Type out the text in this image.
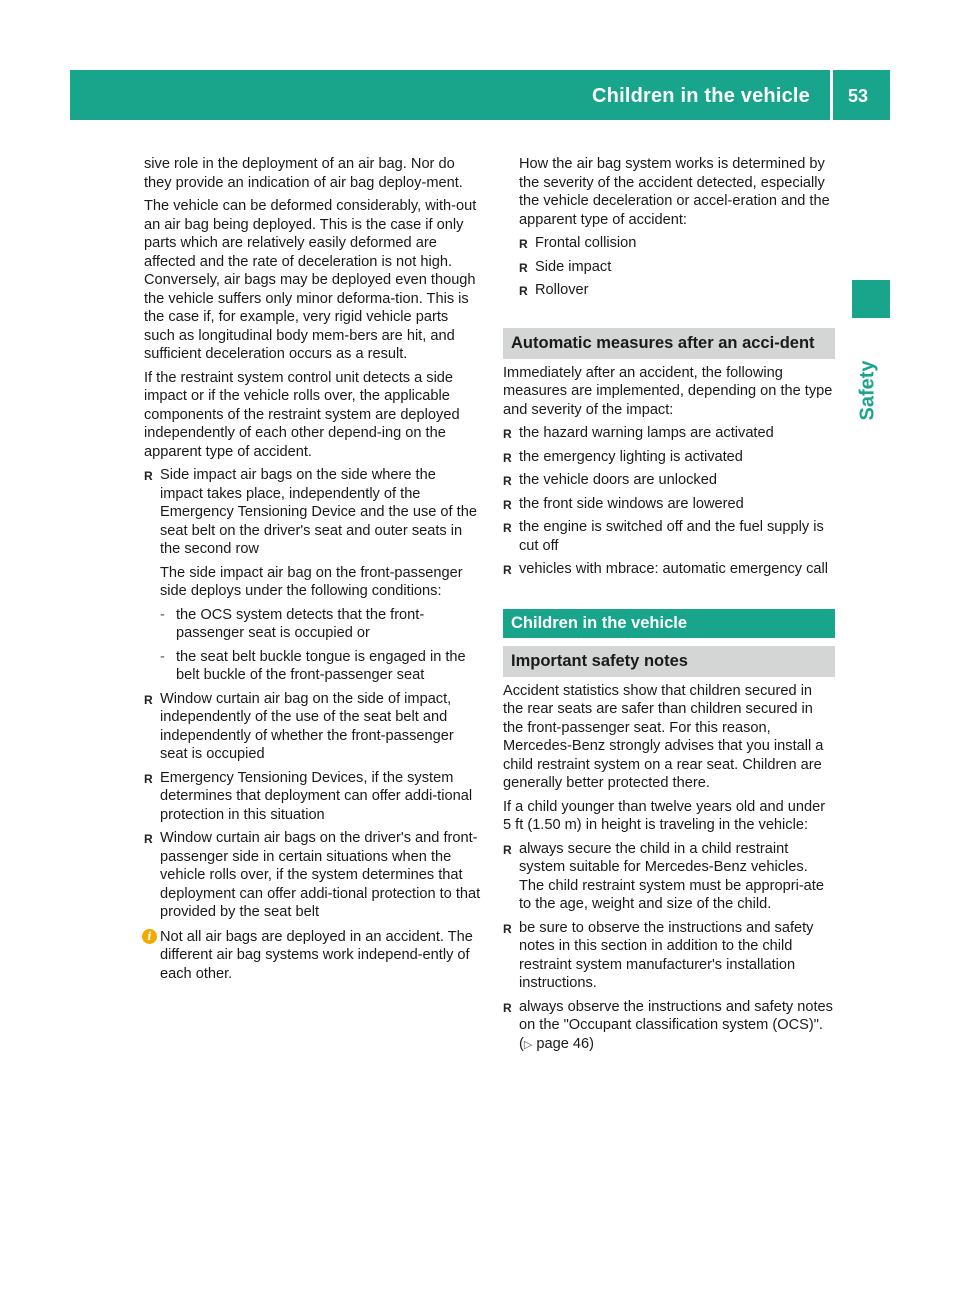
Children in the vehicle 53
Safety

sive role in the deployment of an air bag. Nor do they provide an indication of air bag deploy-ment.

The vehicle can be deformed considerably, with-out an air bag being deployed. This is the case if only parts which are relatively easily deformed are affected and the rate of deceleration is not high. Conversely, air bags may be deployed even though the vehicle suffers only minor deforma-tion. This is the case if, for example, very rigid vehicle parts such as longitudinal body mem-bers are hit, and sufficient deceleration occurs as a result.

If the restraint system control unit detects a side impact or if the vehicle rolls over, the applicable components of the restraint system are deployed independently of each other depend-ing on the apparent type of accident.

R Side impact air bags on the side where the impact takes place, independently of the Emergency Tensioning Device and the use of the seat belt on the driver's seat and outer seats in the second row
The side impact air bag on the front-passenger side deploys under the following conditions:
- the OCS system detects that the front-passenger seat is occupied or
- the seat belt buckle tongue is engaged in the belt buckle of the front-passenger seat
R Window curtain air bag on the side of impact, independently of the use of the seat belt and independently of whether the front-passenger seat is occupied
R Emergency Tensioning Devices, if the system determines that deployment can offer addi-tional protection in this situation
R Window curtain air bags on the driver's and front-passenger side in certain situations when the vehicle rolls over, if the system determines that deployment can offer addi-tional protection to that provided by the seat belt
i Not all air bags are deployed in an accident. The different air bag systems work independ-ently of each other.

How the air bag system works is determined by the severity of the accident detected, especially the vehicle deceleration or accel-eration and the apparent type of accident:

R Frontal collision
R Side impact
R Rollover
Automatic measures after an acci-dent

Immediately after an accident, the following measures are implemented, depending on the type and severity of the impact:

R the hazard warning lamps are activated
R the emergency lighting is activated
R the vehicle doors are unlocked
R the front side windows are lowered
R the engine is switched off and the fuel supply is cut off
R vehicles with mbrace: automatic emergency call
Children in the vehicle
Important safety notes

Accident statistics show that children secured in the rear seats are safer than children secured in the front-passenger seat. For this reason, Mercedes-Benz strongly advises that you install a child restraint system on a rear seat. Children are generally better protected there.

If a child younger than twelve years old and under 5 ft (1.50 m) in height is traveling in the vehicle:

R always secure the child in a child restraint system suitable for Mercedes-Benz vehicles. The child restraint system must be appropri-ate to the age, weight and size of the child.
R be sure to observe the instructions and safety notes in this section in addition to the child restraint system manufacturer's installation instructions.
R always observe the instructions and safety notes on the "Occupant classification system (OCS)". (▷ page 46)
